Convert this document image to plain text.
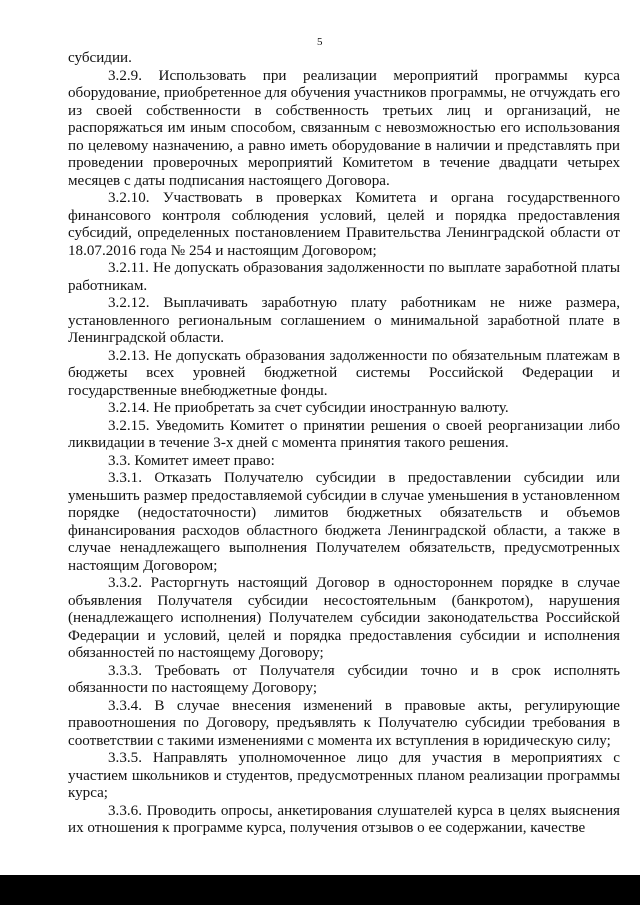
5

субсидии.

3.2.9. Использовать при реализации мероприятий программы курса оборудование, приобретенное для обучения участников программы, не отчуждать его из своей собственности в собственность третьих лиц и организаций, не распоряжаться им иным способом, связанным с невозможностью его использования по целевому назначению, а равно иметь оборудование в наличии и представлять при проведении проверочных мероприятий Комитетом в течение двадцати четырех месяцев с даты подписания настоящего Договора.

3.2.10. Участвовать в проверках Комитета и органа государственного финансового контроля соблюдения условий, целей и порядка предоставления субсидий, определенных постановлением Правительства Ленинградской области от 18.07.2016 года № 254 и настоящим Договором;

3.2.11. Не допускать образования задолженности по выплате заработной платы работникам.

3.2.12. Выплачивать заработную плату работникам не ниже размера, установленного региональным соглашением о минимальной заработной плате в Ленинградской области.

3.2.13. Не допускать образования задолженности по обязательным платежам в бюджеты всех уровней бюджетной системы Российской Федерации и государственные внебюджетные фонды.

3.2.14. Не приобретать за счет субсидии иностранную валюту.

3.2.15. Уведомить Комитет о принятии решения о своей реорганизации либо ликвидации в течение 3-х дней с момента принятия такого решения.

3.3. Комитет имеет право:

3.3.1. Отказать Получателю субсидии в предоставлении субсидии или уменьшить размер предоставляемой субсидии в случае уменьшения в установленном порядке (недостаточности) лимитов бюджетных обязательств и объемов финансирования расходов областного бюджета Ленинградской области, а также в случае ненадлежащего выполнения Получателем обязательств, предусмотренных настоящим Договором;

3.3.2. Расторгнуть настоящий Договор в одностороннем порядке в случае объявления Получателя субсидии несостоятельным (банкротом), нарушения (ненадлежащего исполнения) Получателем субсидии законодательства Российской Федерации и условий, целей и порядка предоставления субсидии и исполнения обязанностей по настоящему Договору;

3.3.3. Требовать от Получателя субсидии точно и в срок исполнять обязанности по настоящему Договору;

3.3.4. В случае внесения изменений в правовые акты, регулирующие правоотношения по Договору, предъявлять к Получателю субсидии требования в соответствии с такими изменениями с момента их вступления в юридическую силу;

3.3.5. Направлять уполномоченное лицо для участия в мероприятиях с участием школьников и студентов, предусмотренных планом реализации программы курса;

3.3.6. Проводить опросы, анкетирования слушателей курса в целях выяснения их отношения к программе курса, получения отзывов о ее содержании, качестве
